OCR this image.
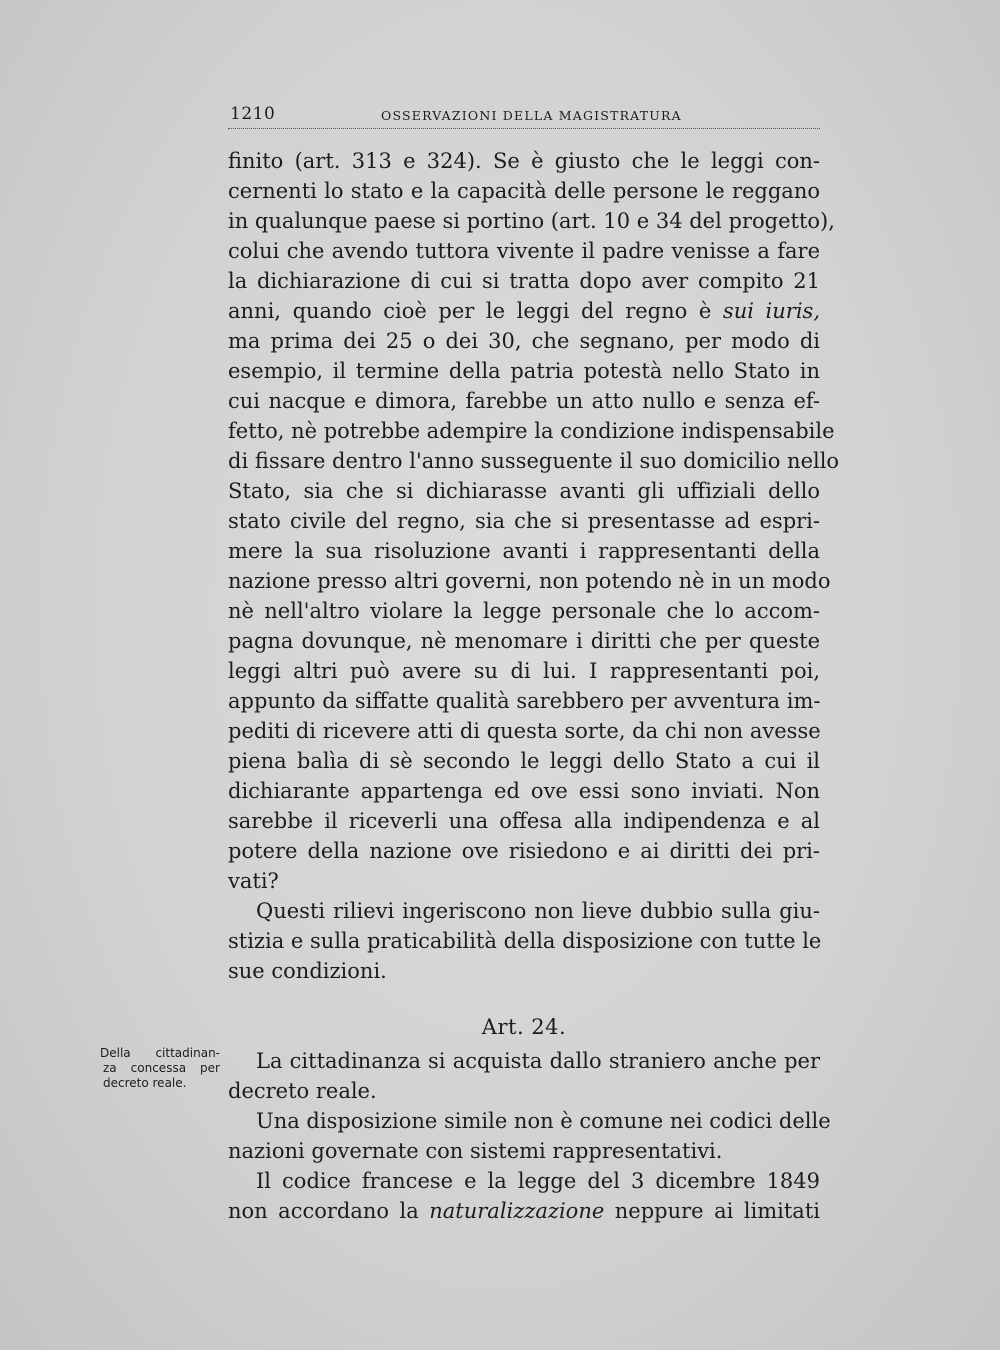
1210	OSSERVAZIONI DELLA MAGISTRATURA
finito (art. 313 e 324). Se è giusto che le leggi con-
cernenti lo stato e la capacità delle persone le reggano
in qualunque paese si portino (art. 10 e 34 del progetto),
colui che avendo tuttora vivente il padre venisse a fare
la dichiarazione di cui si tratta dopo aver compito 21
anni, quando cioè per le leggi del regno è sui iuris,
ma prima dei 25 o dei 30, che segnano, per modo di
esempio, il termine della patria potestà nello Stato in
cui nacque e dimora, farebbe un atto nullo e senza ef-
fetto, nè potrebbe adempire la condizione indispensabile
di fissare dentro l'anno susseguente il suo domicilio nello
Stato, sia che si dichiarasse avanti gli uffiziali dello
stato civile del regno, sia che si presentasse ad espri-
mere la sua risoluzione avanti i rappresentanti della
nazione presso altri governi, non potendo nè in un modo
nè nell'altro violare la legge personale che lo accom-
pagna dovunque, nè menomare i diritti che per queste
leggi altri può avere su di lui. I rappresentanti poi,
appunto da siffatte qualità sarebbero per avventura im-
pediti di ricevere atti di questa sorte, da chi non avesse
piena balìa di sè secondo le leggi dello Stato a cui il
dichiarante appartenga ed ove essi sono inviati. Non
sarebbe il riceverli una offesa alla indipendenza e al
potere della nazione ove risiedono e ai diritti dei pri-
vati?
Questi rilievi ingeriscono non lieve dubbio sulla giu-
stizia e sulla praticabilità della disposizione con tutte le
sue condizioni.
Art. 24.
Della cittadinan-
za concessa per
decreto reale.
La cittadinanza si acquista dallo straniero anche per
decreto reale.
Una disposizione simile non è comune nei codici delle
nazioni governate con sistemi rappresentativi.
Il codice francese e la legge del 3 dicembre 1849
non accordano la naturalizzazione neppure ai limitati
